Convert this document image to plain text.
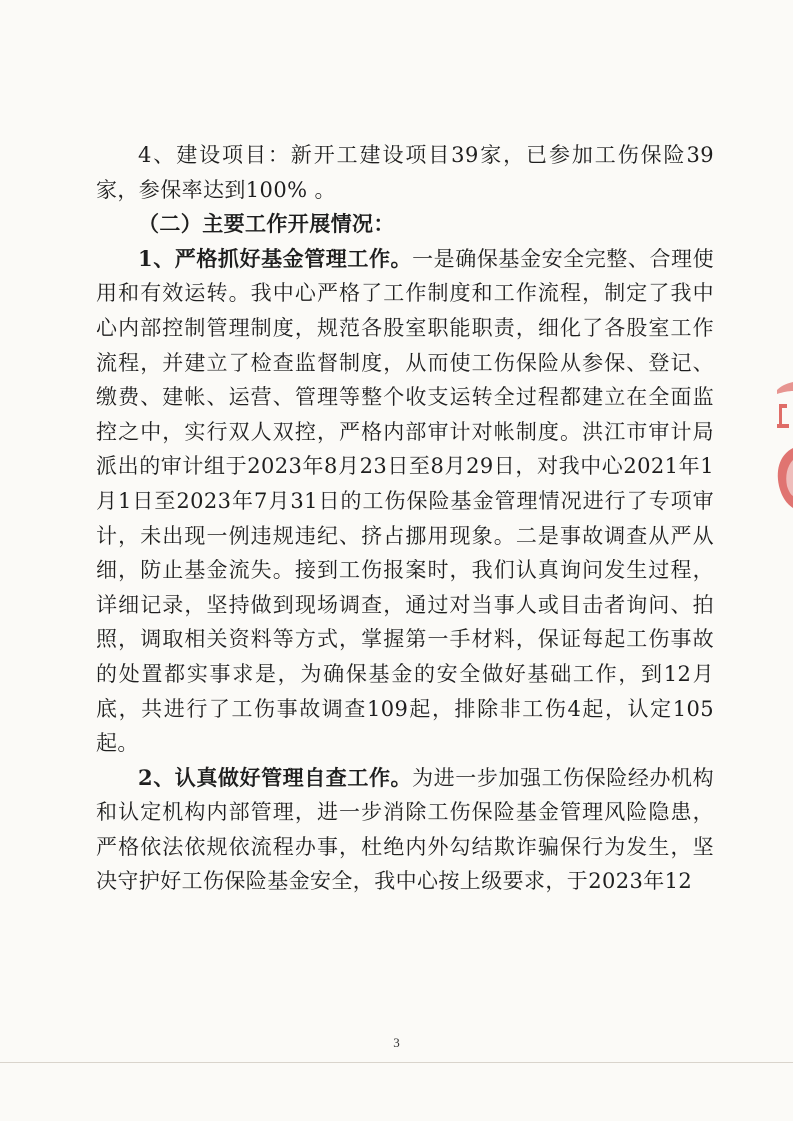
4、建设项目：新开工建设项目39家，已参加工伤保险39家，参保率达到100% 。

（二）主要工作开展情况：

1、严格抓好基金管理工作。一是确保基金安全完整、合理使用和有效运转。我中心严格了工作制度和工作流程，制定了我中心内部控制管理制度，规范各股室职能职责，细化了各股室工作流程，并建立了检查监督制度，从而使工伤保险从参保、登记、缴费、建帐、运营、管理等整个收支运转全过程都建立在全面监控之中，实行双人双控，严格内部审计对帐制度。洪江市审计局派出的审计组于2023年8月23日至8月29日，对我中心2021年1月1日至2023年7月31日的工伤保险基金管理情况进行了专项审计，未出现一例违规违纪、挤占挪用现象。二是事故调查从严从细，防止基金流失。接到工伤报案时，我们认真询问发生过程，详细记录，坚持做到现场调查，通过对当事人或目击者询问、拍照，调取相关资料等方式，掌握第一手材料，保证每起工伤事故的处置都实事求是，为确保基金的安全做好基础工作，到12月底，共进行了工伤事故调查109起，排除非工伤4起，认定105起。

2、认真做好管理自查工作。为进一步加强工伤保险经办机构和认定机构内部管理，进一步消除工伤保险基金管理风险隐患，严格依法依规依流程办事，杜绝内外勾结欺诈骗保行为发生，坚决守护好工伤保险基金安全，我中心按上级要求，于2023年12

3
